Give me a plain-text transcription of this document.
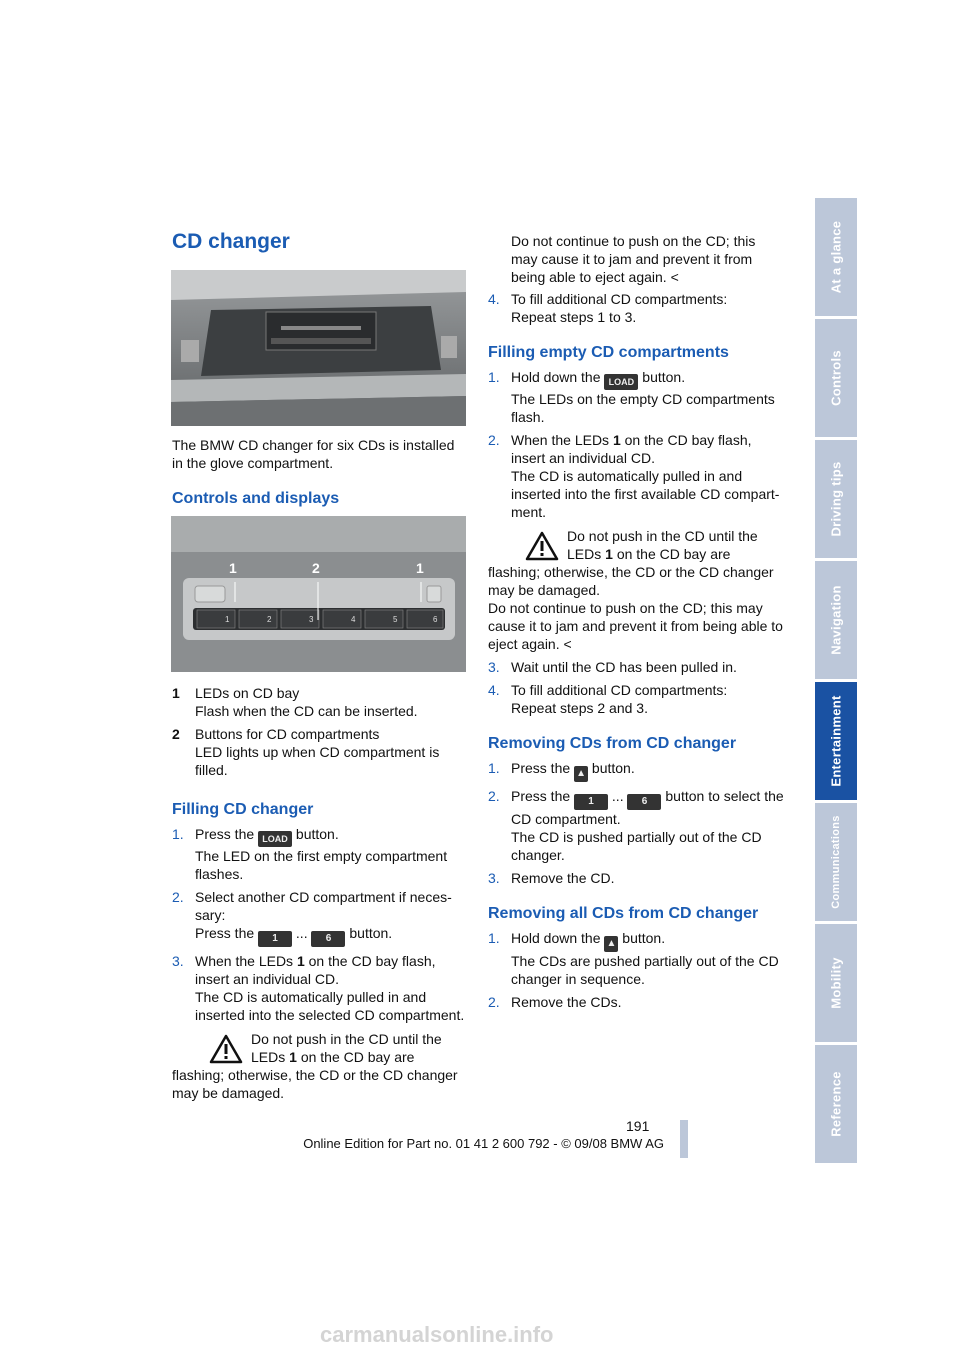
At a glance
Controls
Driving tips
Navigation
Entertainment
Communications
Mobility
Reference
CD changer

The BMW CD changer for six CDs is installed in the glove compartment.

Controls and displays
1	2	3	4	5	6
1	2	1
1 LEDs on CD bay

Flash when the CD can be inserted.

2 Buttons for CD compartments

LED lights up when CD compartment is filled.

Filling CD changer
1. Press the LOAD button.

The LED on the first empty compartment flashes.

2. Select another CD compartment if neces-sary:

Press the 1 ... 6 button.

3. When the LEDs 1 on the CD bay flash, insert an individual CD.

The CD is automatically pulled in and inserted into the selected CD compartment.

Do not push in the CD until the LEDs 1 on the CD bay are flashing; otherwise, the CD or the CD changer may be damaged.

Do not continue to push on the CD; this may cause it to jam and prevent it from being able to eject again. <

4. To fill additional CD compartments:

Repeat steps 1 to 3.

Filling empty CD compartments
1. Hold down the LOAD button.

The LEDs on the empty CD compartments flash.

2. When the LEDs 1 on the CD bay flash, insert an individual CD.

The CD is automatically pulled in and inserted into the first available CD compart-ment.

Do not push in the CD until the LEDs 1 on the CD bay are flashing; otherwise, the CD or the CD changer may be damaged.

Do not continue to push on the CD; this may cause it to jam and prevent it from being able to eject again. <

3. Wait until the CD has been pulled in.

4. To fill additional CD compartments:

Repeat steps 2 and 3.

Removing CDs from CD changer
1. Press the ▲ button.

2. Press the 1 ... 6 button to select the CD compartment.

The CD is pushed partially out of the CD changer.

3. Remove the CD.

Removing all CDs from CD changer
1. Hold down the ▲ button.

The CDs are pushed partially out of the CD changer in sequence.

2. Remove the CDs.

191
Online Edition for Part no. 01 41 2 600 792 - © 09/08 BMW AG
carmanualsonline.info
